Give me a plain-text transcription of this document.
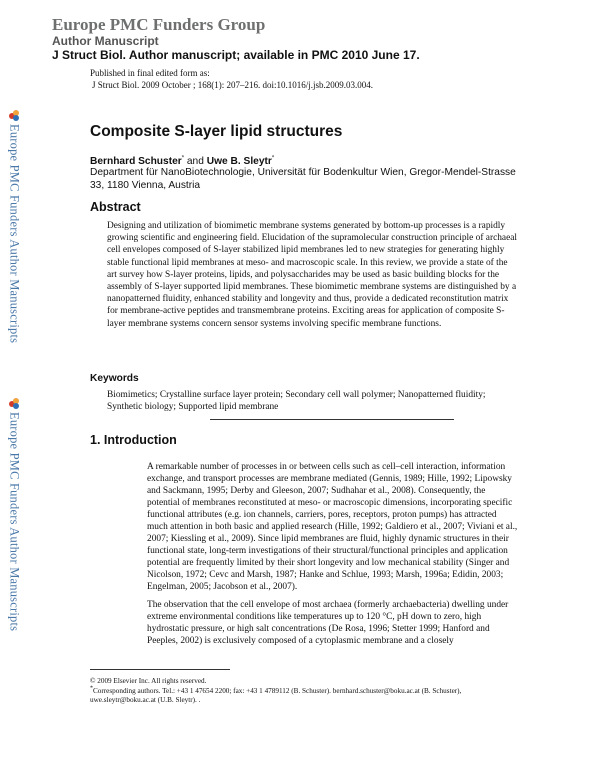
Europe PMC Funders Group
Author Manuscript
J Struct Biol. Author manuscript; available in PMC 2010 June 17.
Published in final edited form as:
J Struct Biol. 2009 October ; 168(1): 207–216. doi:10.1016/j.jsb.2009.03.004.
Europe PMC Funders Author Manuscripts
Europe PMC Funders Author Manuscripts
Composite S-layer lipid structures
Bernhard Schuster* and Uwe B. Sleytr*
Department für NanoBiotechnologie, Universität für Bodenkultur Wien, Gregor-Mendel-Strasse 33, 1180 Vienna, Austria
Abstract
Designing and utilization of biomimetic membrane systems generated by bottom-up processes is a rapidly growing scientific and engineering field. Elucidation of the supramolecular construction principle of archaeal cell envelopes composed of S-layer stabilized lipid membranes led to new strategies for generating highly stable functional lipid membranes at meso- and macroscopic scale. In this review, we provide a state of the art survey how S-layer proteins, lipids, and polysaccharides may be used as basic building blocks for the assembly of S-layer supported lipid membranes. These biomimetic membrane systems are distinguished by a nanopatterned fluidity, enhanced stability and longevity and thus, provide a dedicated reconstitution matrix for membrane-active peptides and transmembrane proteins. Exciting areas for application of composite S-layer membrane systems concern sensor systems involving specific membrane functions.
Keywords
Biomimetics; Crystalline surface layer protein; Secondary cell wall polymer; Nanopatterned fluidity; Synthetic biology; Supported lipid membrane
1. Introduction

A remarkable number of processes in or between cells such as cell–cell interaction, information exchange, and transport processes are membrane mediated (Gennis, 1989; Hille, 1992; Lipowsky and Sackmann, 1995; Derby and Gleeson, 2007; Sudhahar et al., 2008). Consequently, the potential of membranes reconstituted at meso- or macroscopic dimensions, incorporating specific functional attributes (e.g. ion channels, carriers, pores, receptors, proton pumps) has attracted much attention in both basic and applied research (Hille, 1992; Galdiero et al., 2007; Viviani et al., 2007; Kiessling et al., 2009). Since lipid membranes are fluid, highly dynamic structures in their functional state, long-term investigations of their structural/functional principles and application potential are frequently limited by their short longevity and low mechanical stability (Singer and Nicolson, 1972; Cevc and Marsh, 1987; Hanke and Schlue, 1993; Marsh, 1996a; Edidin, 2003; Engelman, 2005; Jacobson et al., 2007).

The observation that the cell envelope of most archaea (formerly archaebacteria) dwelling under extreme environmental conditions like temperatures up to 120 °C, pH down to zero, high hydrostatic pressure, or high salt concentrations (De Rosa, 1996; Stetter 1999; Hanford and Peeples, 2002) is exclusively composed of a cytoplasmic membrane and a closely

© 2009 Elsevier Inc. All rights reserved.
*Corresponding authors. Tel.: +43 1 47654 2200; fax: +43 1 4789112 (B. Schuster). bernhard.schuster@boku.ac.at (B. Schuster), uwe.sleytr@boku.ac.at (U.B. Sleytr). .
